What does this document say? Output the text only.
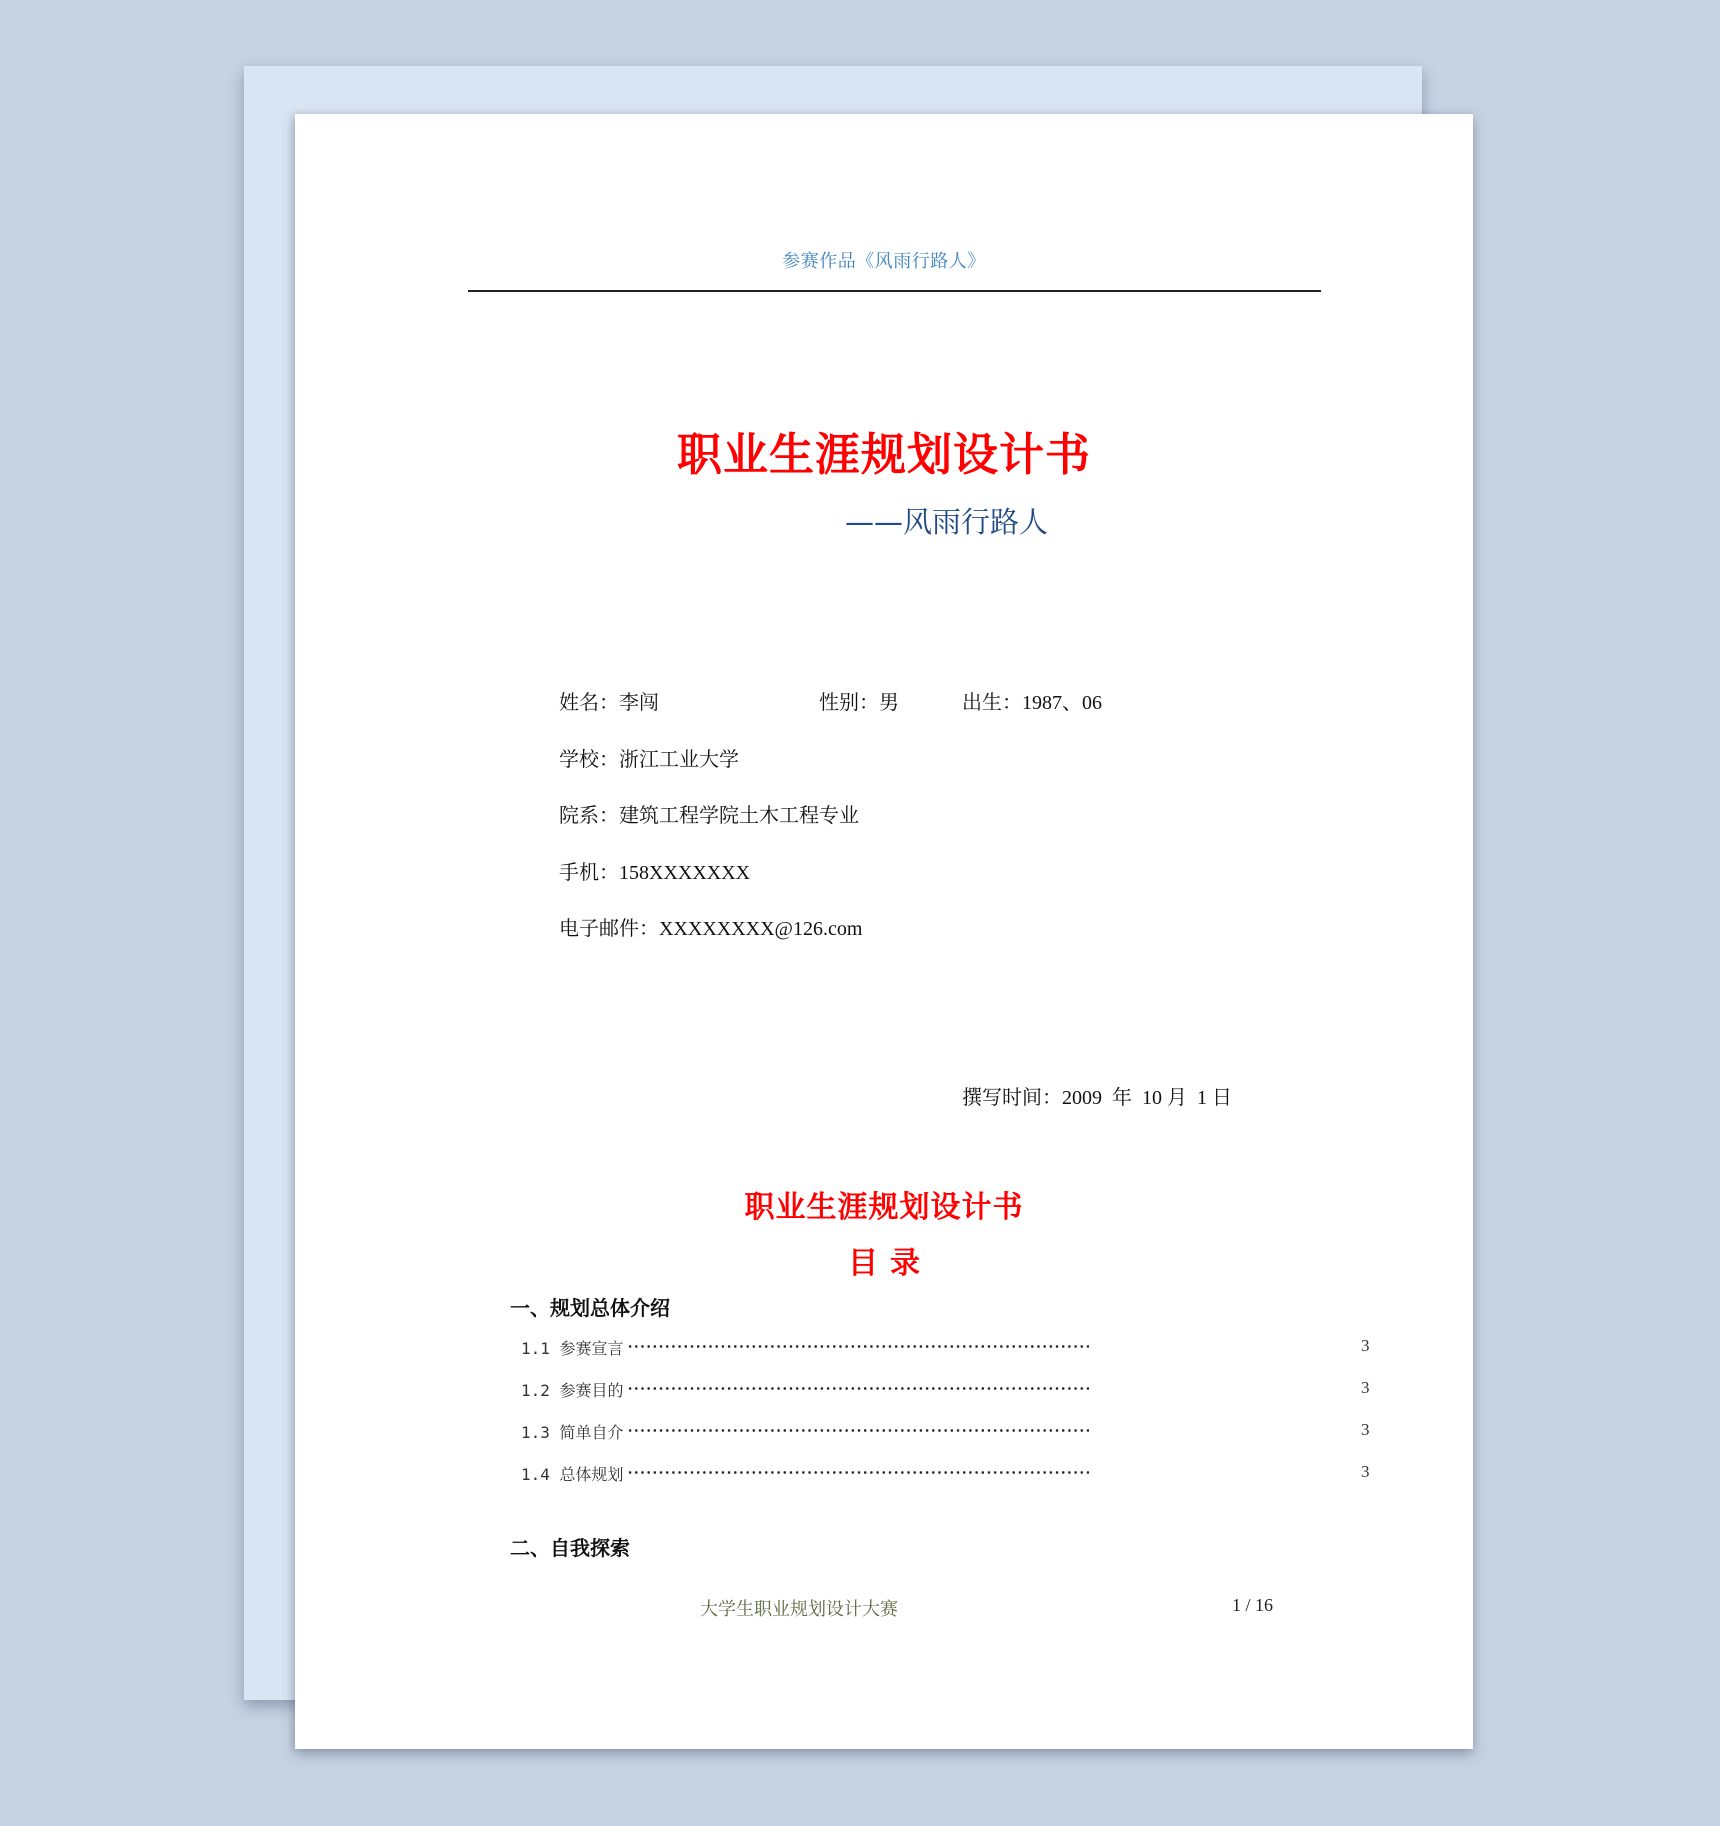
参赛作品《风雨行路人》
职业生涯规划设计书
——风雨行路人
姓名：李闯	性别：男	出生：1987、06
学校：浙江工业大学
院系：建筑工程学院土木工程专业
手机：158XXXXXXX
电子邮件：XXXXXXXX@126.com
撰写时间：2009  年  10 月  1 日
职业生涯规划设计书
目录
一、规划总体介绍
1.1 参赛宣言	3
1.2 参赛目的	3
1.3 简单自介	3
1.4 总体规划	3
二、自我探索
大学生职业规划设计大赛	1 / 16
